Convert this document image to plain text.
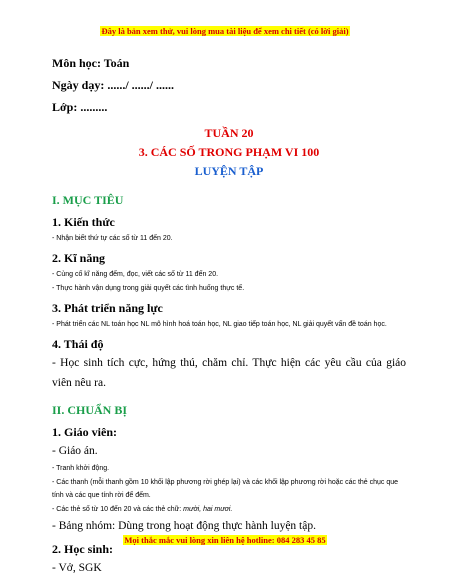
Đây là bản xem thử, vui lòng mua tài liệu để xem chi tiết (có lời giải)
Môn học: Toán
Ngày dạy: ....../ ....../ ......
Lớp: .........
TUẦN 20
3. CÁC SỐ TRONG PHẠM VI 100
LUYỆN TẬP
I. MỤC TIÊU
1. Kiến thức
- Nhận biết thứ tự các số từ 11 đến 20.
2. Kĩ năng
- Củng cố kĩ năng đếm, đọc, viết các số từ 11 đến 20.
- Thực hành vận dụng trong giải quyết các tình huống thực tế.
3. Phát triển năng lực
- Phát triển các NL toán học NL mô hình hoá toán học, NL giao tiếp toán học, NL giải quyết vấn đề toán học.
4. Thái độ
- Học sinh tích cực, hứng thú, chăm chỉ. Thực hiện các yêu cầu của giáo viên nêu ra.
II. CHUẨN BỊ
1. Giáo viên:
- Giáo án.
- Tranh khởi động.
- Các thanh (mỗi thanh gồm 10 khối lập phương rời ghép lại) và các khối lập phương rời hoặc các thẻ chục que tính và các que tính rời để đếm.
- Các thẻ số từ 10 đến 20 và các thẻ chữ: mười, hai mươi.
- Bảng nhóm: Dùng trong hoạt động thực hành luyện tập.
2. Học sinh:
- Vở, SGK
Mọi thắc mắc vui lòng xin liên hệ hotline: 084 283 45 85
